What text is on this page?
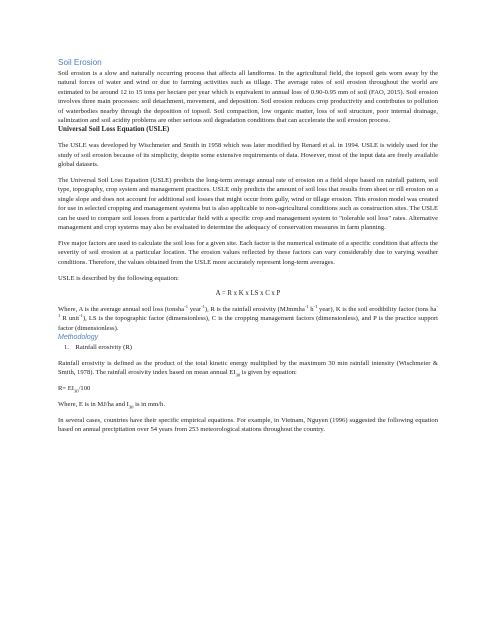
Soil Erosion

Soil erosion is a slow and naturally occurring process that affects all landforms. In the agricultural field, the topsoil gets worn away by the natural forces of water and wind or due to farming activities such as tillage. The average rates of soil erosion throughout the world are estimated to be around 12 to 15 tons per hectare per year which is equivalent to annual loss of 0.90-0.95 mm of soil (FAO, 2015). Soil erosion involves three main processes: soil detachment, movement, and deposition. Soil erosion reduces crop productivity and contributes to pollution of waterbodies nearby through the deposition of topsoil. Soil compaction, low organic matter, loss of soil structure, poor internal drainage, salinization and soil acidity problems are other serious soil degradation conditions that can accelerate the soil erosion process.

Universal Soil Loss Equation (USLE)

The USLE was developed by Wischmeier and Smith in 1958 which was later modified by Renard et al. in 1994. USLE is widely used for the study of soil erosion because of its simplicity, despite some extensive requirements of data. However, most of the input data are freely available global datasets.

The Universal Soil Loss Equation (USLE) predicts the long-term average annual rate of erosion on a field slope based on rainfall pattern, soil type, topography, crop system and management practices. USLE only predicts the amount of soil loss that results from sheet or rill erosion on a single slope and does not account for additional soil losses that might occur from gully, wind or tillage erosion. This erosion model was created for use in selected cropping and management systems but is also applicable to non-agricultural conditions such as construction sites. The USLE can be used to compare soil losses from a particular field with a specific crop and management system to "tolerable soil loss" rates. Alternative management and crop systems may also be evaluated to determine the adequacy of conservation measures in farm planning.

Five major factors are used to calculate the soil loss for a given site. Each factor is the numerical estimate of a specific condition that affects the severity of soil erosion at a particular location. The erosion values reflected by these factors can vary considerably due to varying weather conditions. Therefore, the values obtained from the USLE more accurately represent long-term averages.

USLE is described by the following equation:

A = R x K x LS x C x P

Where, A is the average annual soil loss (tonsha$^{-1}$ year$^{-1}$), R is the rainfall erosivity (MJmmha$^{-1}$ $h^{-1}$ year), K is the soil erodibility factor (tons $ha^{-1}$ R unit$^{-1}$), LS is the topographic factor (dimensionless), C is the cropping management factors (dimensionless), and P is the practice support factor (dimensionless).

Methodology

1.    Rainfall erosivity (R)

Rainfall erosivity is defined as the product of the total kinetic energy multiplied by the maximum 30 min rainfall intensity (Wischmeier & Smith, 1978). The rainfall erosivity index based on mean annual $EI_{30}$ is given by equation:

$R= EI_{30}/100$

Where, E is in MJ/ha and $I_{30}$ is in mm/h.

In several cases, countries have their specific empirical equations. For example, in Vietnam, Nguyen (1996) suggested the following equation based on annual precipitation over 54 years from 253 meteorological stations throughout the country.
